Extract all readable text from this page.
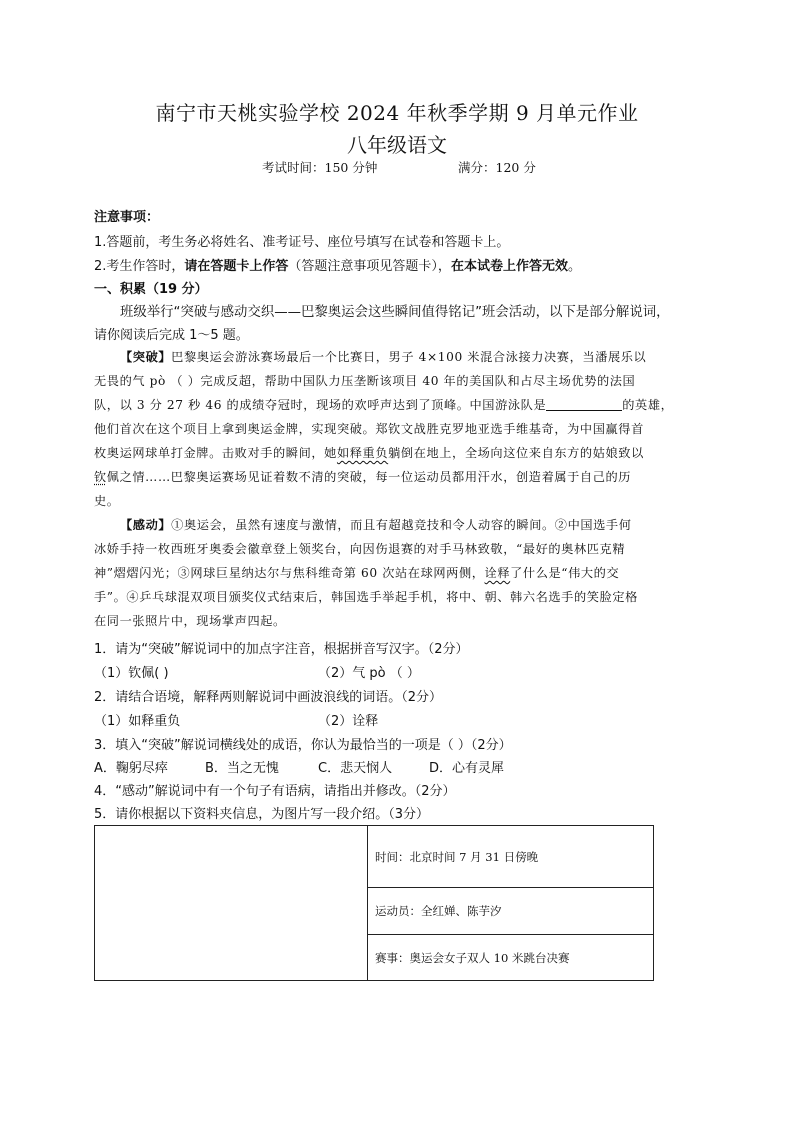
南宁市天桃实验学校 2024 年秋季学期 9 月单元作业
八年级语文
考试时间：150 分钟	满分：120 分
注意事项：
1.答题前，考生务必将姓名、准考证号、座位号填写在试卷和答题卡上。
2.考生作答时，请在答题卡上作答（答题注意事项见答题卡），在本试卷上作答无效。
一、积累（19 分）
班级举行“突破与感动交织——巴黎奥运会这些瞬间值得铭记”班会活动，以下是部分解说词，
请你阅读后完成 1～5 题。
【突破】巴黎奥运会游泳赛场最后一个比赛日，男子 4×100 米混合泳接力决赛，当潘展乐以
无畏的气 pò （ ）完成反超，帮助中国队力压垄断该项目 40 年的美国队和占尽主场优势的法国
队，以 3 分 27 秒 46 的成绩夺冠时，现场的欢呼声达到了顶峰。中国游泳队是	的英雄，
他们首次在这个项目上拿到奥运金牌，实现突破。郑钦文战胜克罗地亚选手维基奇，为中国赢得首
枚奥运网球单打金牌。击败对手的瞬间，她如释重负躺倒在地上，全场向这位来自东方的姑娘致以
钦佩之情……巴黎奥运赛场见证着数不清的突破，每一位运动员都用汗水，创造着属于自己的历
史。
【感动】①奥运会，虽然有速度与激情，而且有超越竞技和令人动容的瞬间。②中国选手何
冰娇手持一枚西班牙奥委会徽章登上领奖台，向因伤退赛的对手马林致敬，“最好的奥林匹克精
神”熠熠闪光；③网球巨星纳达尔与焦科维奇第 60 次站在球网两侧，诠释了什么是“伟大的交
手”。④乒乓球混双项目颁奖仪式结束后，韩国选手举起手机，将中、朝、韩六名选手的笑脸定格
在同一张照片中，现场掌声四起。
1．请为“突破”解说词中的加点字注音，根据拼音写汉字。（2分）
（1）钦佩( )	（2）气 pò （ ）
2．请结合语境，解释两则解说词中画波浪线的词语。（2分）
（1）如释重负	（2）诠释
3．填入“突破”解说词横线处的成语，你认为最恰当的一项是（ ）（2分）
A．鞠躬尽瘁	B．当之无愧	C．悲天悯人	D．心有灵犀
4．“感动”解说词中有一个句子有语病，请指出并修改。（2分）
5．请你根据以下资料夹信息，为图片写一段介绍。（3分）
时间：北京时间 7 月 31 日傍晚
运动员：全红婵、陈芋汐
赛事：奥运会女子双人 10 米跳台决赛
